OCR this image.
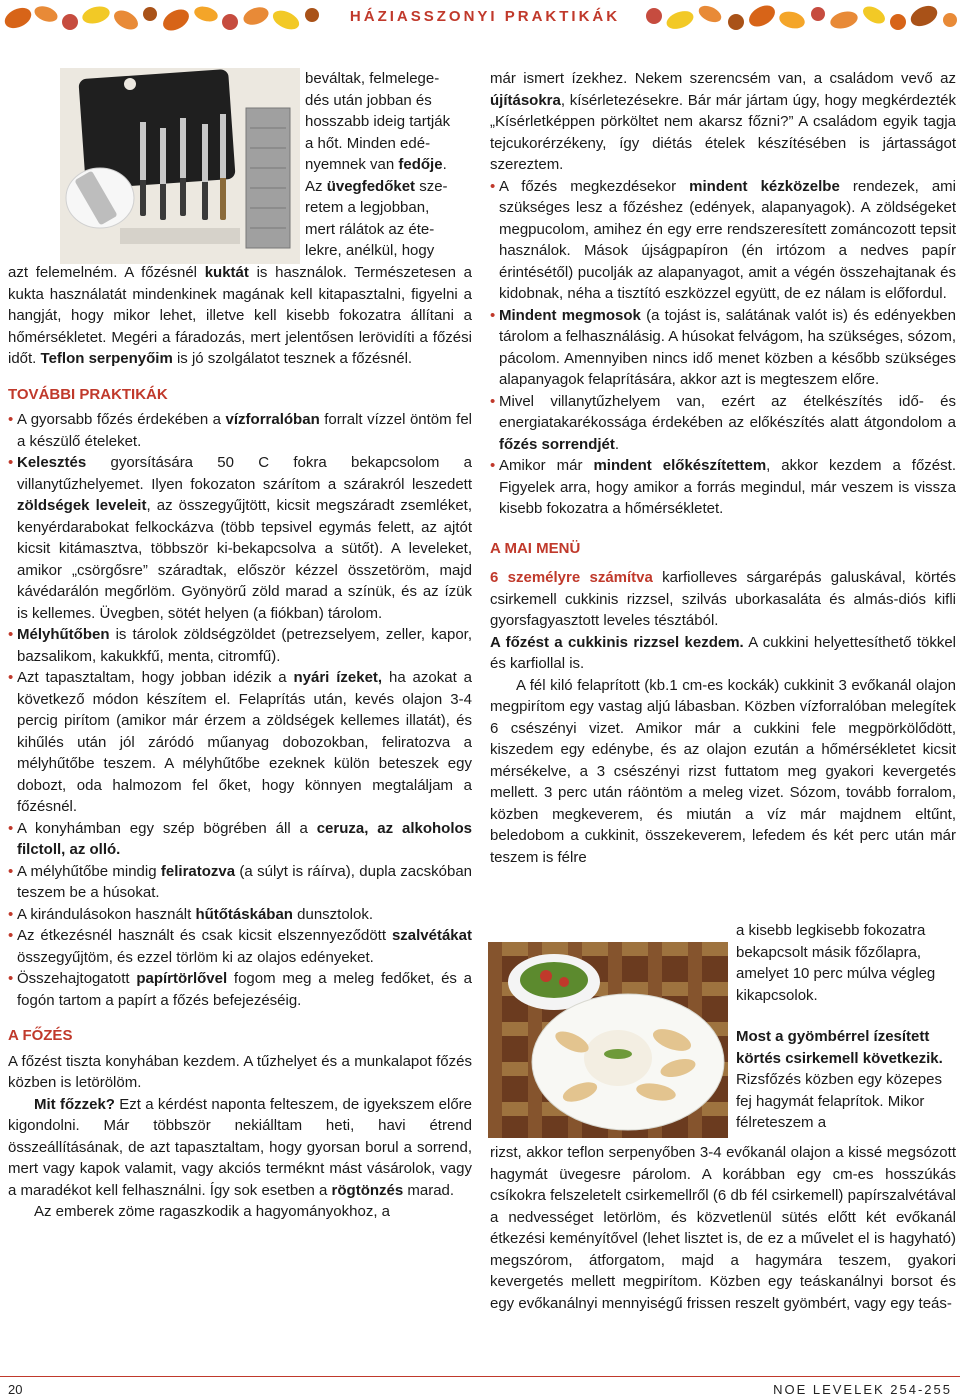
HÁZIASSZONYI PRAKTIKÁK

beváltak, felmelege-

dés után jobban és

hosszabb ideig tartják

a hőt. Minden edé-

nyemnek van fedője.

Az üvegfedőket sze-

retem a legjobban,

mert rálátok az éte-

lekre, anélkül, hogy

azt felemelném. A főzésnél kuktát is használok. Természetesen a kukta használatát mindenkinek magának kell kitapasztalni, figyelni a hangját, hogy mikor lehet, illetve kell kisebb fokozatra állítani a hőmérsékletet. Megéri a fáradozás, mert jelentősen lerövidíti a főzési időt. Teflon serpenyőim is jó szolgálatot tesznek a főzésnél.

TOVÁBBI PRAKTIKÁK

• A gyorsabb főzés érdekében a vízforralóban forralt vízzel öntöm fel a készülő ételeket.

• Kelesztés gyorsítására 50 C fokra bekapcsolom a villanytűzhelyemet. Ilyen fokozaton szárítom a szárakról leszedett zöldségek leveleit, az összegyűjtött, kicsit megszáradt zsemléket, kenyérdarabokat felkockázva (több tepsivel egymás felett, az ajtót kicsit kitámasztva, többször ki-bekapcsolva a sütőt). A leveleket, amikor „csörgősre” száradtak, először kézzel összetöröm, majd kávédarálón megőrlöm. Gyönyörű zöld marad a színük, és az ízük is kellemes. Üvegben, sötét helyen (a fiókban) tárolom.

• Mélyhűtőben is tárolok zöldségzöldet (petrezselyem, zeller, kapor, bazsalikom, kakukkfű, menta, citromfű).

• Azt tapasztaltam, hogy jobban idézik a nyári ízeket, ha azokat a következő módon készítem el. Felaprítás után, kevés olajon 3-4 percig pirítom (amikor már érzem a zöldségek kellemes illatát), és kihűlés után jól záródó műanyag dobozokban, feliratozva a mélyhűtőbe teszem. A mélyhűtőbe ezeknek külön beteszek egy dobozt, oda halmozom fel őket, hogy könnyen megtaláljam a főzésnél.

• A konyhámban egy szép bögrében áll a ceruza, az alkoholos filctoll, az olló.

• A mélyhűtőbe mindig feliratozva (a súlyt is ráírva), dupla zacskóban teszem be a húsokat.

• A kirándulásokon használt hűtőtáskában dunsztolok.

• Az étkezésnél használt és csak kicsit elszennyeződött szalvétákat összegyűjtöm, és ezzel törlöm ki az olajos edényeket.

• Összehajtogatott papírtörlővel fogom meg a meleg fedőket, és a fogón tartom a papírt a főzés befejezéséig.

A FŐZÉS

A főzést tiszta konyhában kezdem. A tűzhelyet és a munkalapot főzés közben is letörölöm.

Mit főzzek? Ezt a kérdést naponta felteszem, de igyekszem előre kigondolni. Már többször nekiálltam heti, havi étrend összeállításának, de azt tapasztaltam, hogy gyorsan borul a sorrend, mert vagy kapok valamit, vagy akciós terméknt mást vásárolok, vagy a maradékot kell felhasználni. Így sok esetben a rögtönzés marad.

Az emberek zöme ragaszkodik a hagyományokhoz, a

már ismert ízekhez. Nekem szerencsém van, a családom vevő az újításokra, kísérletezésekre. Bár már jártam úgy, hogy megkérdezték „Kísérletképpen pörköltet nem akarsz főzni?” A családom egyik tagja tejcukorérzékeny, így diétás ételek készítésében is jártasságot szereztem.

• A főzés megkezdésekor mindent kézközelbe rendezek, ami szükséges lesz a főzéshez (edények, alapanyagok). A zöldségeket megpucolom, amihez én egy erre rendszeresített zománcozott tepsit használok. Mások újságpapíron (én irtózom a nedves papír érintésétől) pucolják az alapanyagot, amit a végén összehajtanak és kidobnak, néha a tisztító eszközzel együtt, de ez nálam is előfordul.

• Mindent megmosok (a tojást is, salátának valót is) és edényekben tárolom a felhasználásig. A húsokat felvágom, ha szükséges, sózom, pácolom. Amennyiben nincs idő menet közben a később szükséges alapanyagok felaprítására, akkor azt is megteszem előre.

• Mivel villanytűzhelyem van, ezért az ételkészítés idő- és energiatakarékossága érdekében az előkészítés alatt átgondolom a főzés sorrendjét.

• Amikor már mindent előkészítettem, akkor kezdem a főzést. Figyelek arra, hogy amikor a forrás megindul, már veszem is vissza kisebb fokozatra a hőmérsékletet.

A MAI MENÜ

6 személyre számítva karfiolleves sárgarépás galuskával, körtés csirkemell cukkinis rizzsel, szilvás uborkasaláta és almás-diós kifli gyorsfagyasztott leveles tésztából.

A főzést a cukkinis rizzsel kezdem. A cukkini helyettesíthető tökkel és karfiollal is.

A fél kiló felaprított (kb.1 cm-es kockák) cukkinit 3 evőkanál olajon megpirítom egy vastag aljú lábasban. Közben vízforralóban melegítek 6 csészényi vizet. Amikor már a cukkini fele megpörkölődött, kiszedem egy edénybe, és az olajon ezután a hőmérsékletet kicsit mérsékelve, a 3 csészényi rizst futtatom meg gyakori kevergetés mellett. 3 perc után ráöntöm a meleg vizet. Sózom, tovább forralom, közben megkeverem, és miután a víz már majdnem eltűnt, beledobom a cukkinit, összekeverem, lefedem és két perc után már teszem is félre

a kisebb legkisebb fokozatra bekapcsolt másik főzőlapra, amelyet 10 perc múlva végleg kikapcsolok.

Most a gyömbérrel ízesített körtés csirkemell következik. Rizsfőzés közben egy közepes fej hagymát felaprítok. Mikor félreteszem a

rizst, akkor teflon serpenyőben 3-4 evőkanál olajon a kissé megsózott hagymát üvegesre párolom. A korábban egy cm-es hosszúkás csíkokra felszeletelt csirkemellről (6 db fél csirkemell) papírszalvétával a nedvességet letörlöm, és közvetlenül sütés előtt két evőkanál étkezési keményítővel (lehet lisztet is, de ez a művelet el is hagyható) megszórom, átforgatom, majd a hagymára teszem, gyakori kevergetés mellett megpirítom. Közben egy teáskanálnyi borsot és egy evőkanálnyi mennyiségű frissen reszelt gyömbért, vagy egy teás-

20	NOE LEVELEK 254-255
